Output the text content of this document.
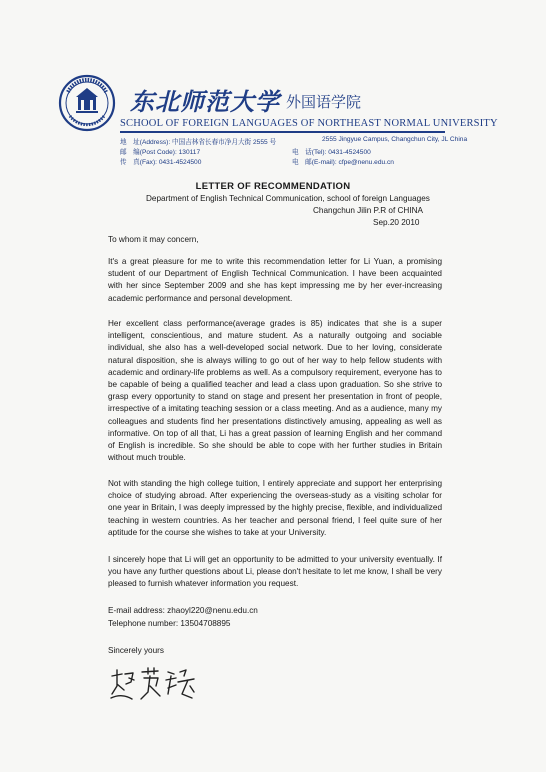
东北师范大学 外国语学院
SCHOOL OF FOREIGN LANGUAGES OF NORTHEAST NORMAL UNIVERSITY
地　址(Address): 中国吉林省长春市净月大街 2555 号	2555 Jingyue Campus, Changchun City, JL China
邮　编(Post Code): 130117	电　话(Tel): 0431-4524500
传　真(Fax): 0431-4524500	电　邮(E-mail): cfpe@nenu.edu.cn
LETTER OF RECOMMENDATION
Department of English Technical Communication, school of foreign Languages
Changchun Jilin P.R of CHINA
Sep.20 2010
To whom it may concern,

It's a great pleasure for me to write this recommendation letter for Li Yuan, a promising student of our Department of English Technical Communication. I have been acquainted with her since September 2009 and she has kept impressing me by her ever-increasing academic performance and personal development.

Her excellent class performance(average grades is 85) indicates that she is a super intelligent, conscientious, and mature student. As a naturally outgoing and sociable individual, she also has a well-developed social network. Due to her loving, considerate natural disposition, she is always willing to go out of her way to help fellow students with academic and ordinary-life problems as well. As a compulsory requirement, everyone has to be capable of being a qualified teacher and lead a class upon graduation. So she strive to grasp every opportunity to stand on stage and present her presentation in front of people, irrespective of a imitating teaching session or a class meeting. And as a audience, many my colleagues and students find her presentations distinctively amusing, appealing as well as informative. On top of all that, Li has a great passion of learning English and her command of English is incredible. So she should be able to cope with her further studies in Britain without much trouble.

Not with standing the high college tuition, I entirely appreciate and support her enterprising choice of studying abroad. After experiencing the overseas-study as a visiting scholar for one year in Britain, I was deeply impressed by the highly precise, flexible, and individualized teaching in western countries. As her teacher and personal friend, I feel quite sure of her aptitude for the course she wishes to take at your University.

I sincerely hope that Li will get an opportunity to be admitted to your university eventually. If you have any further questions about Li, please don't hesitate to let me know, I shall be very pleased to furnish whatever information you request.

E-mail address: zhaoyl220@nenu.edu.cn
Telephone number: 13504708895
Sincerely yours
